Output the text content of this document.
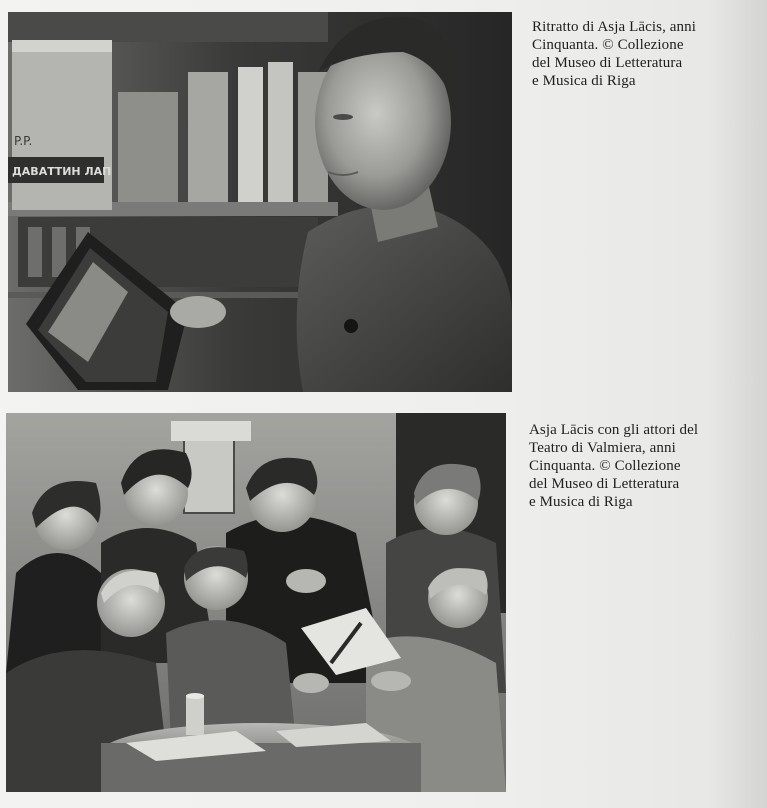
P.P.
ДАВАТТИН ЛАП
Ritratto di Asja Lācis, anni
Cinquanta. © Collezione
del Museo di Letteratura
e Musica di Riga
Asja Lācis con gli attori del
Teatro di Valmiera, anni
Cinquanta. © Collezione
del Museo di Letteratura
e Musica di Riga
